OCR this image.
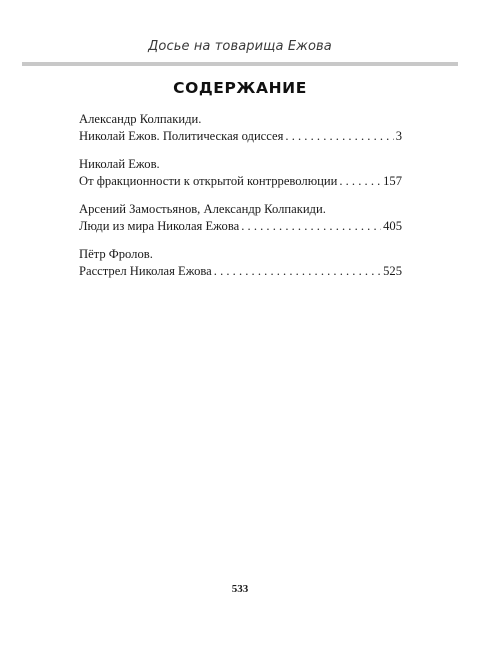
Досье на товарища Ежова
СОДЕРЖАНИЕ
Александр Колпакиди.
Николай Ежов. Политическая одиссея . . .	3
Николай Ежов.
От фракционности к открытой контрреволюции . . .	157
Арсений Замостьянов, Александр Колпакиди.
Люди из мира Николая Ежова . . .	405
Пётр Фролов.
Расстрел Николая Ежова . . .	525
533
